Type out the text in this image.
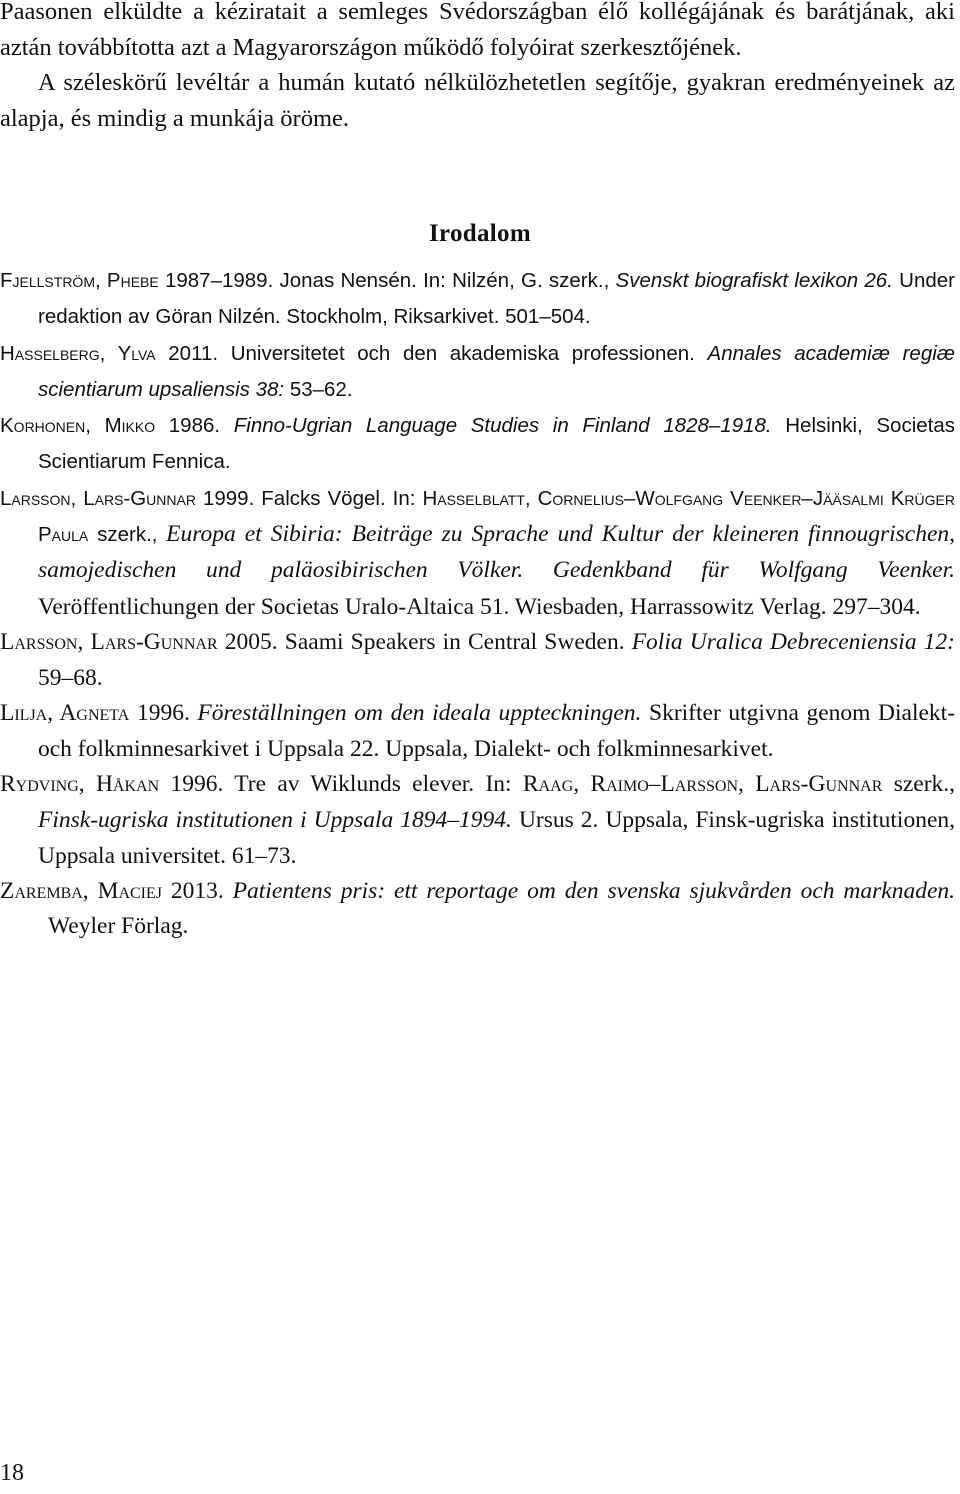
Paasonen elküldte a kéziratait a semleges Svédországban élő kollégájának és barátjának, aki aztán továbbította azt a Magyarországon működő folyóirat szerkesztőjének.

A széleskörű levéltár a humán kutató nélkülözhetetlen segítője, gyakran eredményeinek az alapja, és mindig a munkája öröme.

Irodalom
Fjellström, Phebe 1987–1989. Jonas Nensén. In: Nilzén, G. szerk., Svenskt biografiskt lexikon 26. Under redaktion av Göran Nilzén. Stockholm, Riksarkivet. 501–504.
Hasselberg, Ylva 2011. Universitetet och den akademiska professionen. Annales academiæ regiæ scientiarum upsaliensis 38: 53–62.
Korhonen, Mikko 1986. Finno-Ugrian Language Studies in Finland 1828–1918. Helsinki, Societas Scientiarum Fennica.
Larsson, Lars-Gunnar 1999. Falcks Vögel. In: Hasselblatt, Cornelius–Wolfgang Veenker–Jääsalmi Krüger Paula szerk., Europa et Sibiria: Beiträge zu Sprache und Kultur der kleineren finnougrischen, samojedischen und paläosibirischen Völker. Gedenkband für Wolfgang Veenker. Veröffentlichungen der Societas Uralo-Altaica 51. Wiesbaden, Harrassowitz Verlag. 297–304.
Larsson, Lars-Gunnar 2005. Saami Speakers in Central Sweden. Folia Uralica Debreceniensia 12: 59–68.
Lilja, Agneta 1996. Föreställningen om den ideala uppteckningen. Skrifter utgivna genom Dialekt- och folkminnesarkivet i Uppsala 22. Uppsala, Dialekt- och folkminnesarkivet.
Rydving, Håkan 1996. Tre av Wiklunds elever. In: Raag, Raimo–Larsson, Lars-Gunnar szerk., Finsk-ugriska institutionen i Uppsala 1894–1994. Ursus 2. Uppsala, Finsk-ugriska institutionen, Uppsala universitet. 61–73.
Zaremba, Maciej 2013. Patientens pris: ett reportage om den svenska sjukvården och marknaden. Weyler Förlag.
18
